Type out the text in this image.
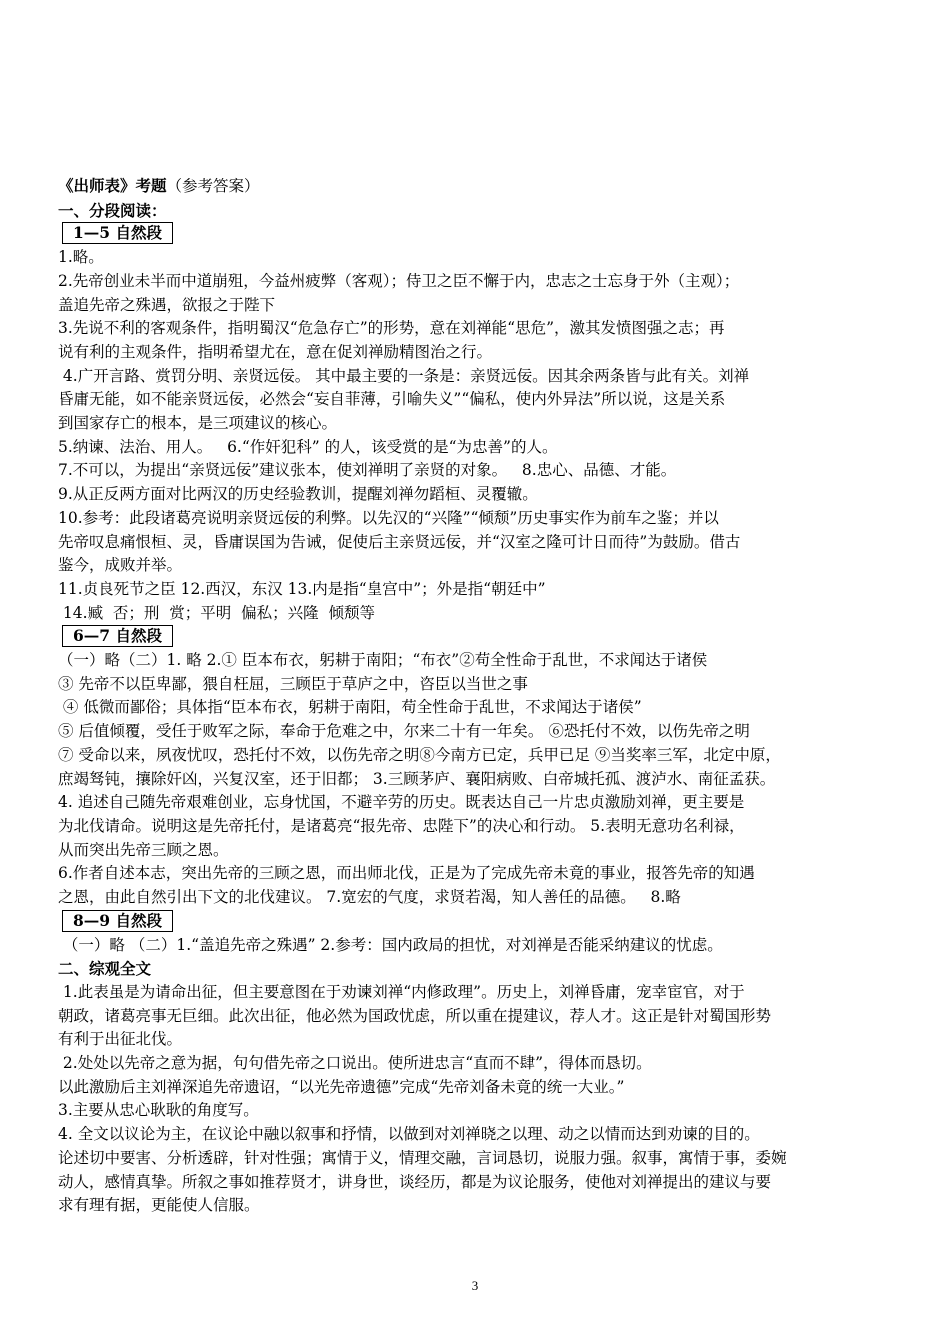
《出师表》考题（参考答案）
一、分段阅读：
1—5 自然段
1.略。
2.先帝创业未半而中道崩殂，今益州疲弊（客观）；侍卫之臣不懈于内，忠志之士忘身于外（主观）；
盖追先帝之殊遇，欲报之于陛下
3.先说不利的客观条件，指明蜀汉“危急存亡”的形势，意在刘禅能“思危”，激其发愤图强之志；再
说有利的主观条件，指明希望尤在，意在促刘禅励精图治之行。
4.广开言路、赏罚分明、亲贤远佞。 其中最主要的一条是：亲贤远佞。因其余两条皆与此有关。刘禅
昏庸无能，如不能亲贤远佞，必然会“妄自菲薄，引喻失义”“偏私，使内外异法”所以说，这是关系
到国家存亡的根本，是三项建议的核心。
5.纳谏、法治、用人。   6.“作奸犯科” 的人，该受赏的是“为忠善”的人。
7.不可以，为提出“亲贤远佞”建议张本，使刘禅明了亲贤的对象。   8.忠心、品德、才能。
9.从正反两方面对比两汉的历史经验教训，提醒刘禅勿蹈桓、灵覆辙。
10.参考：此段诸葛亮说明亲贤远佞的利弊。以先汉的“兴隆”“倾颓”历史事实作为前车之鉴；并以
先帝叹息痛恨桓、灵，昏庸误国为告诫，促使后主亲贤远佞，并“汉室之隆可计日而待”为鼓励。借古
鉴今，成败并举。
11.贞良死节之臣 12.西汉，东汉 13.内是指“皇宫中”；外是指“朝廷中”
14.臧  否；刑  赏；平明  偏私；兴隆  倾颓等
6—7 自然段
（一）略（二）1. 略 2.① 臣本布衣，躬耕于南阳；“布衣”②苟全性命于乱世，不求闻达于诸侯
③ 先帝不以臣卑鄙，猥自枉屈，三顾臣于草庐之中，咨臣以当世之事
④ 低微而鄙俗；具体指“臣本布衣，躬耕于南阳，苟全性命于乱世，不求闻达于诸侯”
⑤ 后值倾覆，受任于败军之际，奉命于危难之中，尔来二十有一年矣。 ⑥恐托付不效，以伤先帝之明
⑦ 受命以来，夙夜忧叹，恐托付不效，以伤先帝之明⑧今南方已定，兵甲已足 ⑨当奖率三军，北定中原，
庶竭驽钝，攘除奸凶，兴复汉室，还于旧都； 3.三顾茅庐、襄阳病败、白帝城托孤、渡泸水、南征孟获。
4. 追述自己随先帝艰难创业，忘身忧国，不避辛劳的历史。既表达自己一片忠贞激励刘禅，更主要是
为北伐请命。说明这是先帝托付，是诸葛亮“报先帝、忠陛下”的决心和行动。 5.表明无意功名利禄，
从而突出先帝三顾之恩。
6.作者自述本志，突出先帝的三顾之恩，而出师北伐，正是为了完成先帝未竟的事业，报答先帝的知遇
之恩，由此自然引出下文的北伐建议。 7.宽宏的气度，求贤若渴，知人善任的品德。   8.略
8—9 自然段
（一）略 （二）1.“盖追先帝之殊遇” 2.参考：国内政局的担忧，对刘禅是否能采纳建议的忧虑。
二、综观全文
1.此表虽是为请命出征，但主要意图在于劝谏刘禅“内修政理”。历史上，刘禅昏庸，宠幸宦官，对于
朝政，诸葛亮事无巨细。此次出征，他必然为国政忧虑，所以重在提建议，荐人才。这正是针对蜀国形势
有利于出征北伐。
2.处处以先帝之意为据，句句借先帝之口说出。使所进忠言“直而不肆”，得体而恳切。
以此激励后主刘禅深追先帝遗诏，“以光先帝遗德”完成“先帝刘备未竟的统一大业。”
3.主要从忠心耿耿的角度写。
4. 全文以议论为主，在议论中融以叙事和抒情，以做到对刘禅晓之以理、动之以情而达到劝谏的目的。
论述切中要害、分析透辟，针对性强；寓情于义，情理交融，言词恳切，说服力强。叙事，寓情于事，委婉
动人，感情真挚。所叙之事如推荐贤才，讲身世，谈经历，都是为议论服务，使他对刘禅提出的建议与要
求有理有据，更能使人信服。
3
